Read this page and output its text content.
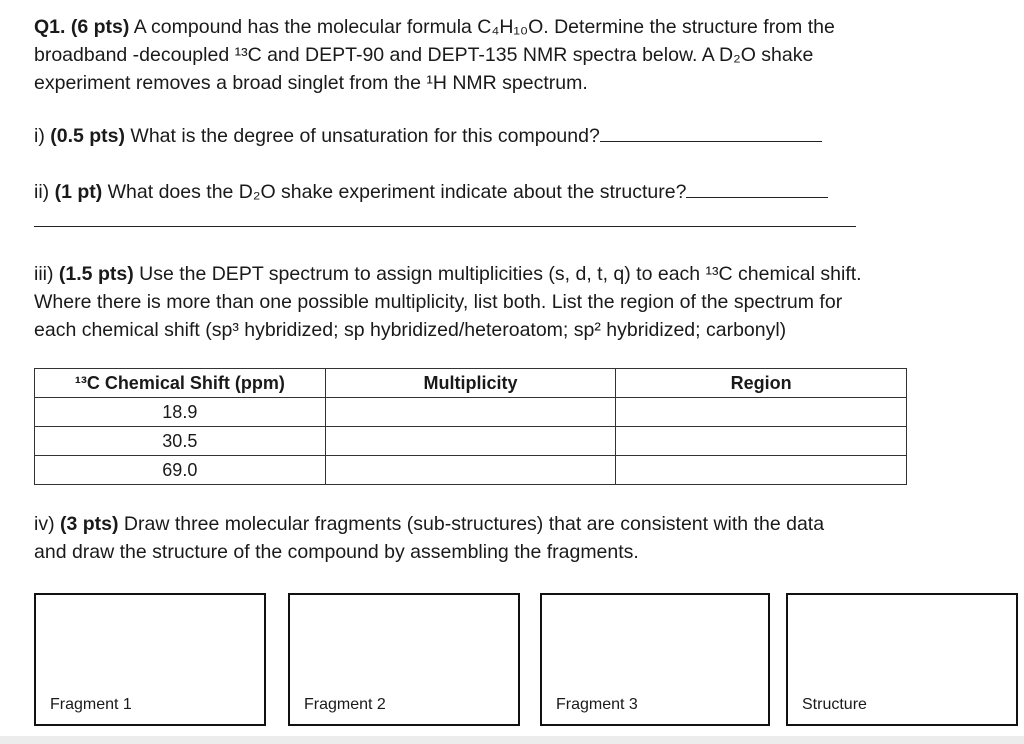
Q1. (6 pts) A compound has the molecular formula C₄H₁₀O. Determine the structure from the

broadband -decoupled ¹³C and DEPT-90 and DEPT-135 NMR spectra below. A D₂O shake

experiment removes a broad singlet from the ¹H NMR spectrum.

i) (0.5 pts) What is the degree of unsaturation for this compound?

ii) (1 pt) What does the D₂O shake experiment indicate about the structure?

iii) (1.5 pts) Use the DEPT spectrum to assign multiplicities (s, d, t, q) to each ¹³C chemical shift.

Where there is more than one possible multiplicity, list both. List the region of the spectrum for

each chemical shift (sp³ hybridized; sp hybridized/heteroatom; sp² hybridized; carbonyl)

¹³C Chemical Shift (ppm)	Multiplicity	Region
18.9		
30.5		
69.0		

iv) (3 pts) Draw three molecular fragments (sub-structures) that are consistent with the data

and draw the structure of the compound by assembling the fragments.

Fragment 1	Fragment 2	Fragment 3	Structure
